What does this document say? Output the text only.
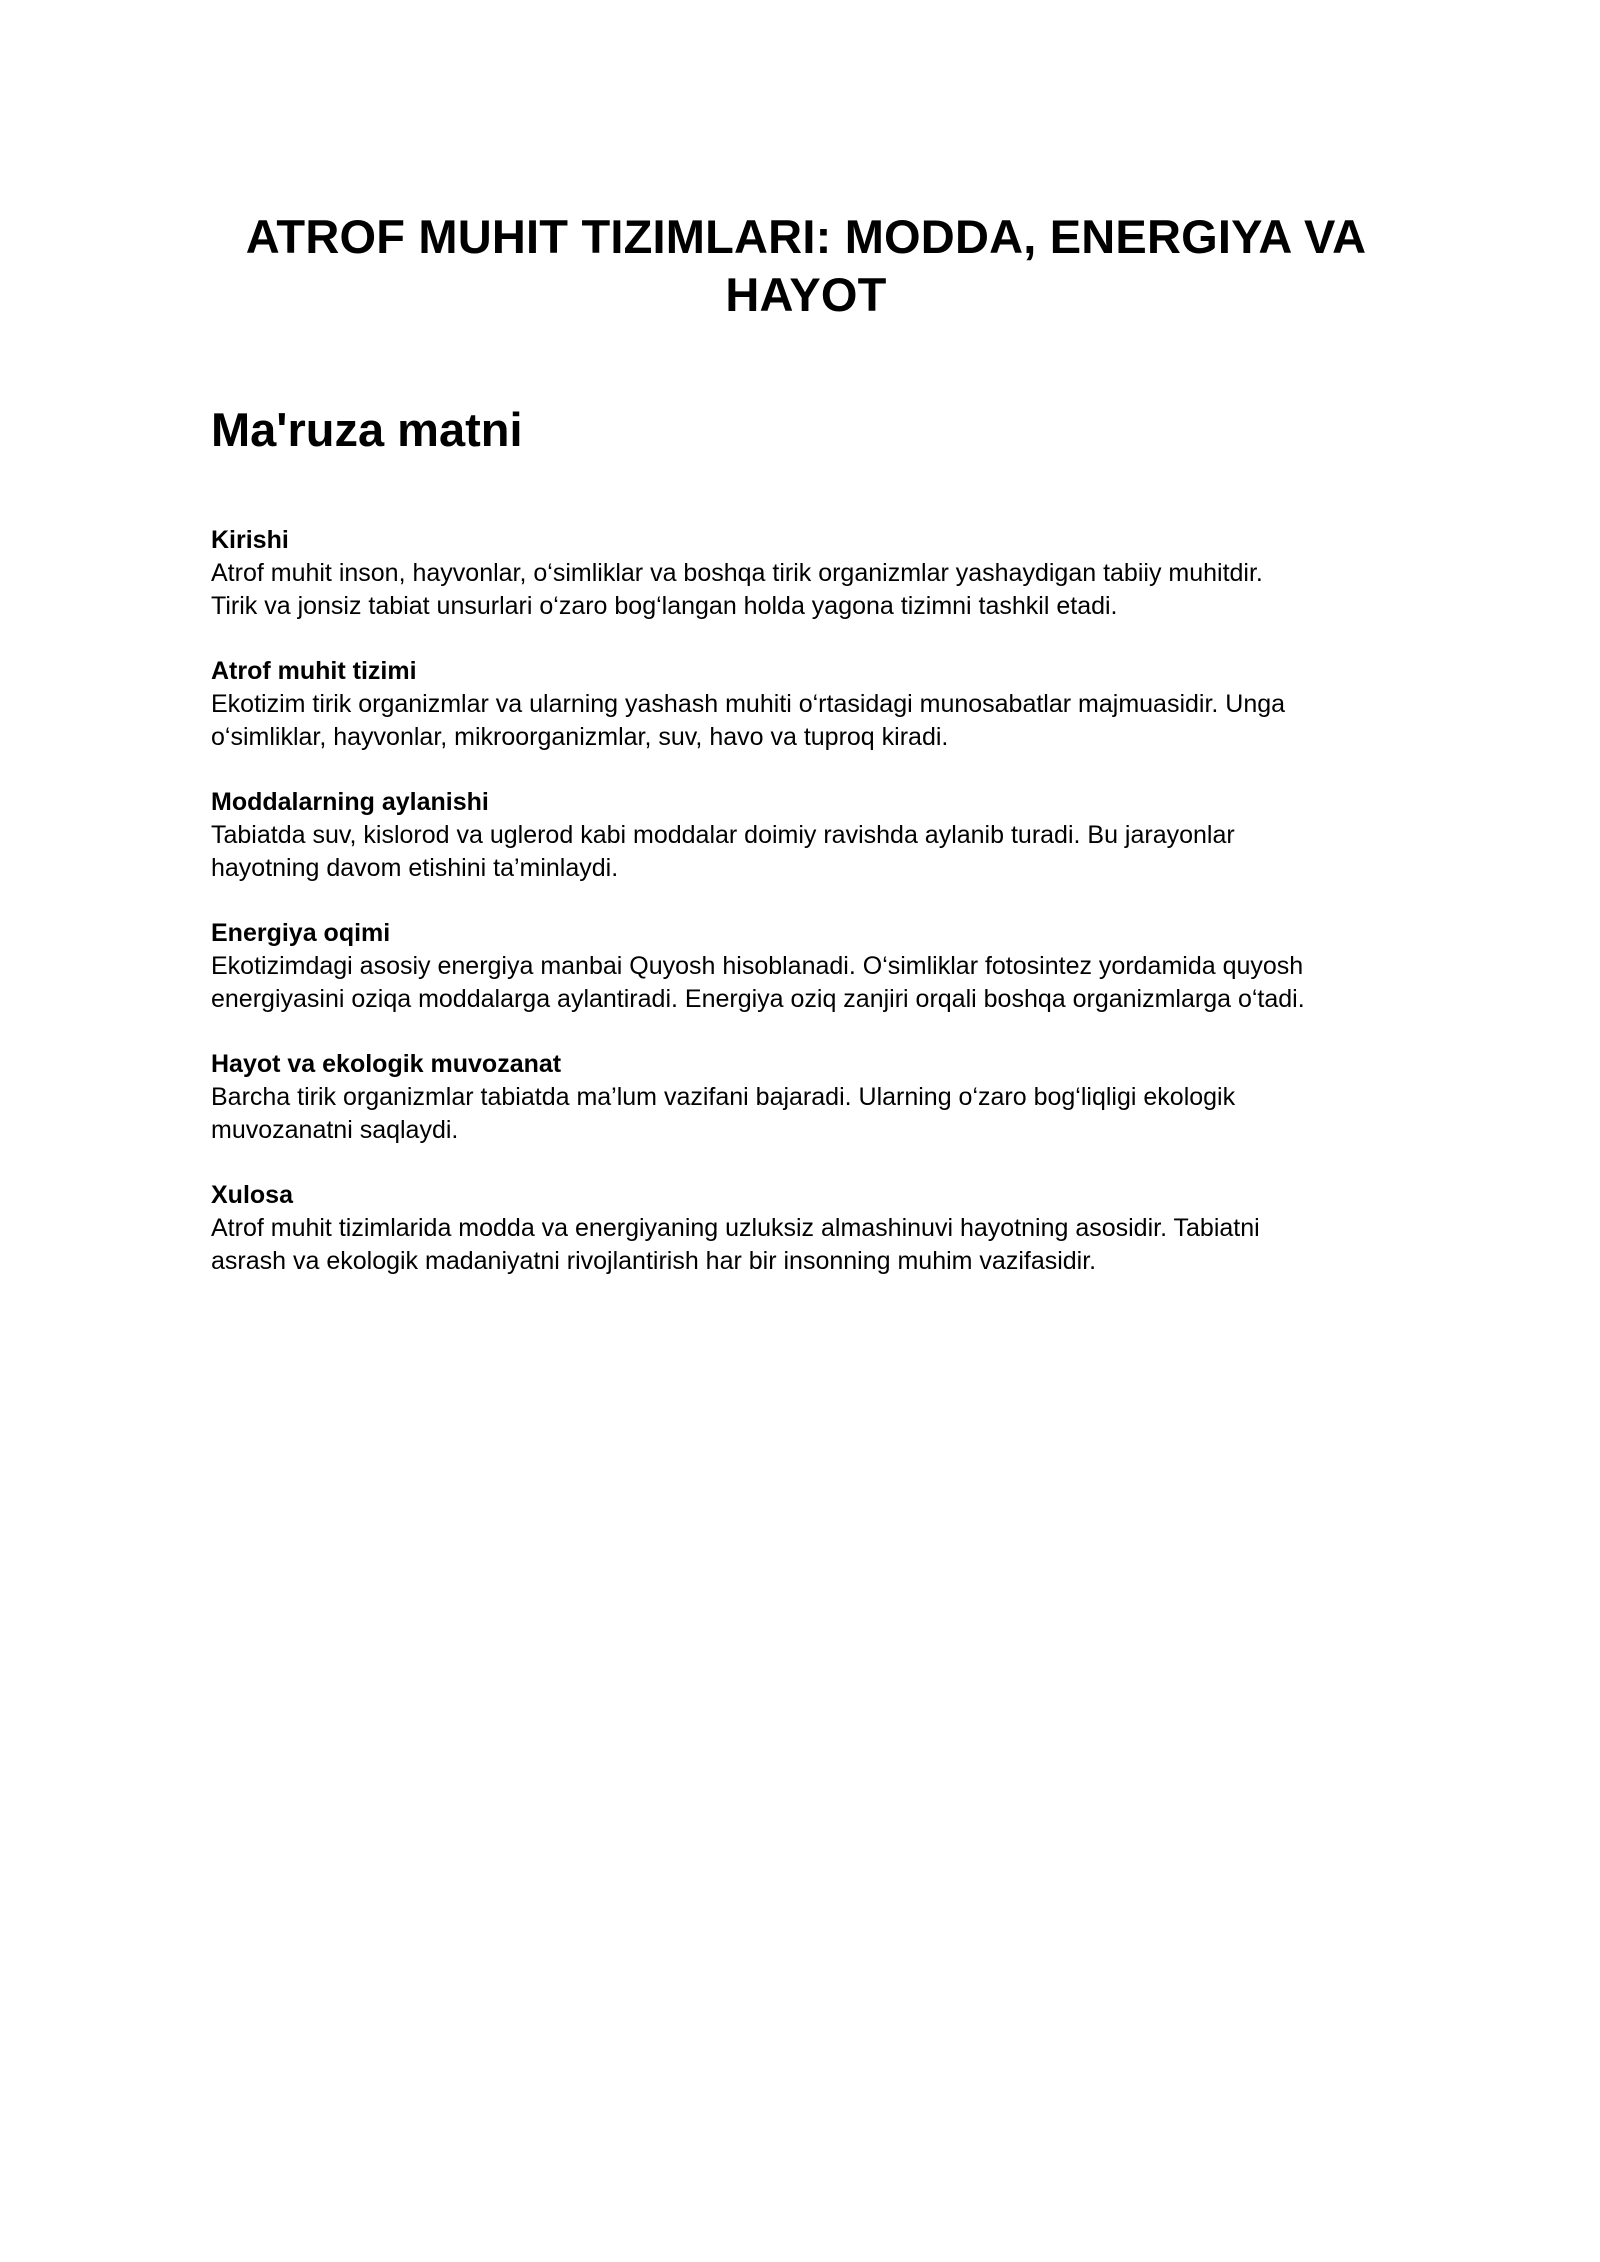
ATROF MUHIT TIZIMLARI: MODDA, ENERGIYA VA HAYOT
Ma'ruza matni

Kirishi

Atrof muhit inson, hayvonlar, o‘simliklar va boshqa tirik organizmlar yashaydigan tabiiy muhitdir.
Tirik va jonsiz tabiat unsurlari o‘zaro bog‘langan holda yagona tizimni tashkil etadi.

Atrof muhit tizimi

Ekotizim tirik organizmlar va ularning yashash muhiti o‘rtasidagi munosabatlar majmuasidir. Unga
o‘simliklar, hayvonlar, mikroorganizmlar, suv, havo va tuproq kiradi.

Moddalarning aylanishi

Tabiatda suv, kislorod va uglerod kabi moddalar doimiy ravishda aylanib turadi. Bu jarayonlar
hayotning davom etishini ta’minlaydi.

Energiya oqimi

Ekotizimdagi asosiy energiya manbai Quyosh hisoblanadi. O‘simliklar fotosintez yordamida quyosh
energiyasini oziqa moddalarga aylantiradi. Energiya oziq zanjiri orqali boshqa organizmlarga o‘tadi.

Hayot va ekologik muvozanat

Barcha tirik organizmlar tabiatda ma’lum vazifani bajaradi. Ularning o‘zaro bog‘liqligi ekologik
muvozanatni saqlaydi.

Xulosa

Atrof muhit tizimlarida modda va energiyaning uzluksiz almashinuvi hayotning asosidir. Tabiatni
asrash va ekologik madaniyatni rivojlantirish har bir insonning muhim vazifasidir.
